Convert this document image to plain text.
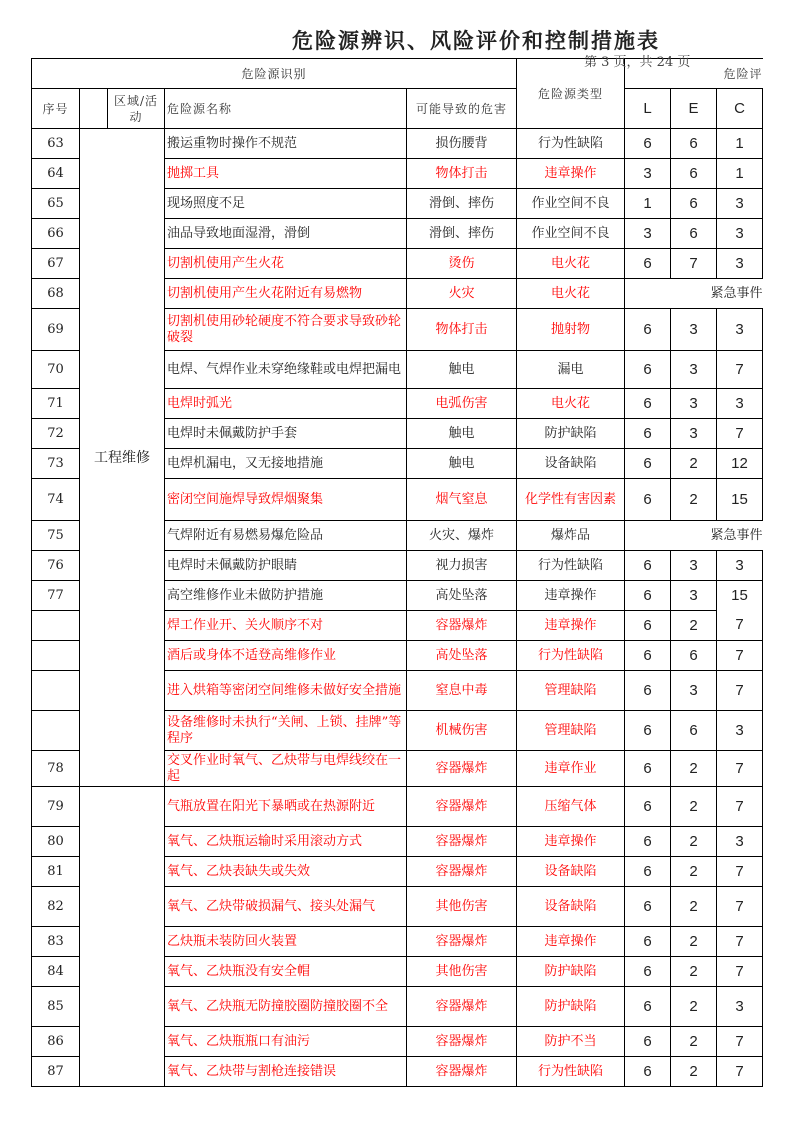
危险源辨识、风险评价和控制措施表
第 3 页，共 24 页
危险源识别					危险源类型	危险评		
序号		区域/活动	危险源名称	可能导致的危害		L	E	C
63	工程维修		搬运重物时操作不规范	损伤腰背	行为性缺陷	6	6	1
64			抛掷工具	物体打击	违章操作	3	6	1
65			现场照度不足	滑倒、摔伤	作业空间不良	1	6	3
66			油品导致地面湿滑，滑倒	滑倒、摔伤	作业空间不良	3	6	3
67			切割机使用产生火花	烫伤	电火花	6	7	3
68			切割机使用产生火花附近有易燃物	火灾	电火花	紧急事件		
69			切割机使用砂轮硬度不符合要求导致砂轮破裂	物体打击	抛射物	6	3	3
70			电焊、气焊作业未穿绝缘鞋或电焊把漏电	触电	漏电	6	3	7
71			电焊时弧光	电弧伤害	电火花	6	3	3
72			电焊时未佩戴防护手套	触电	防护缺陷	6	3	7
73			电焊机漏电，又无接地措施	触电	设备缺陷	6	2	12
74			密闭空间施焊导致焊烟聚集	烟气窒息	化学性有害因素	6	2	15
75			气焊附近有易燃易爆危险品	火灾、爆炸	爆炸品	紧急事件		
76			电焊时未佩戴防护眼睛	视力损害	行为性缺陷	6	3	3
77			高空维修作业未做防护措施	高处坠落	违章操作	6	3	15
			焊工作业开、关火顺序不对	容器爆炸	违章操作	6	2	7
			酒后或身体不适登高维修作业	高处坠落	行为性缺陷	6	6	7
			进入烘箱等密闭空间维修未做好安全措施	窒息中毒	管理缺陷	6	3	7
			设备维修时未执行“关闸、上锁、挂牌”等程序	机械伤害	管理缺陷	6	6	3
78			交叉作业时氧气、乙炔带与电焊线绞在一起	容器爆炸	违章作业	6	2	7
79			气瓶放置在阳光下暴晒或在热源附近	容器爆炸	压缩气体	6	2	7
80			氧气、乙炔瓶运输时采用滚动方式	容器爆炸	违章操作	6	2	3
81			氧气、乙炔表缺失或失效	容器爆炸	设备缺陷	6	2	7
82			氧气、乙炔带破损漏气、接头处漏气	其他伤害	设备缺陷	6	2	7
83			乙炔瓶未装防回火装置	容器爆炸	违章操作	6	2	7
84			氧气、乙炔瓶没有安全帽	其他伤害	防护缺陷	6	2	7
85			氧气、乙炔瓶无防撞胶圈防撞胶圈不全	容器爆炸	防护缺陷	6	2	3
86			氧气、乙炔瓶瓶口有油污	容器爆炸	防护不当	6	2	7
87			氧气、乙炔带与割枪连接错误	容器爆炸	行为性缺陷	6	2	7
